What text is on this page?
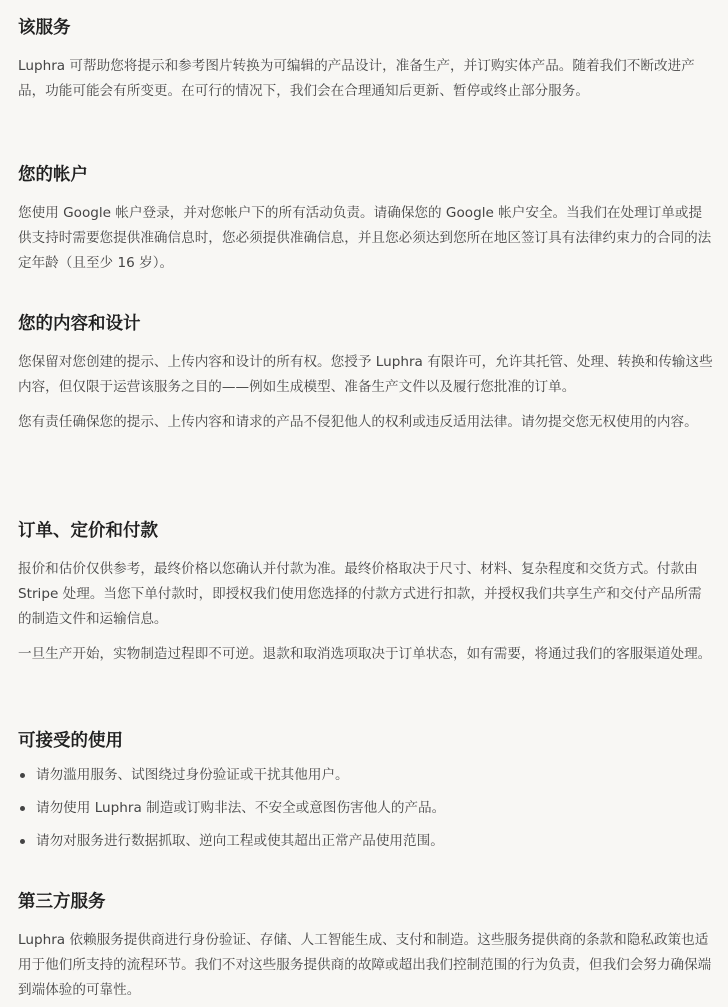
该服务

Luphra 可帮助您将提示和参考图片转换为可编辑的产品设计，准备生产，并订购实体产品。随着我们不断改进产品，功能可能会有所变更。在可行的情况下，我们会在合理通知后更新、暂停或终止部分服务。

您的帐户

您使用 Google 帐户登录，并对您帐户下的所有活动负责。请确保您的 Google 帐户安全。当我们在处理订单或提供支持时需要您提供准确信息时，您必须提供准确信息，并且您必须达到您所在地区签订具有法律约束力的合同的法定年龄（且至少 16 岁）。

您的内容和设计

您保留对您创建的提示、上传内容和设计的所有权。您授予 Luphra 有限许可，允许其托管、处理、转换和传输这些内容，但仅限于运营该服务之目的——例如生成模型、准备生产文件以及履行您批准的订单。

您有责任确保您的提示、上传内容和请求的产品不侵犯他人的权利或违反适用法律。请勿提交您无权使用的内容。

订单、定价和付款

报价和估价仅供参考，最终价格以您确认并付款为准。最终价格取决于尺寸、材料、复杂程度和交货方式。付款由 Stripe 处理。当您下单付款时，即授权我们使用您选择的付款方式进行扣款，并授权我们共享生产和交付产品所需的制造文件和运输信息。

一旦生产开始，实物制造过程即不可逆。退款和取消选项取决于订单状态，如有需要，将通过我们的客服渠道处理。

可接受的使用
请勿滥用服务、试图绕过身份验证或干扰其他用户。
请勿使用 Luphra 制造或订购非法、不安全或意图伤害他人的产品。
请勿对服务进行数据抓取、逆向工程或使其超出正常产品使用范围。
第三方服务

Luphra 依赖服务提供商进行身份验证、存储、人工智能生成、支付和制造。这些服务提供商的条款和隐私政策也适用于他们所支持的流程环节。我们不对这些服务提供商的故障或超出我们控制范围的行为负责，但我们会努力确保端到端体验的可靠性。
